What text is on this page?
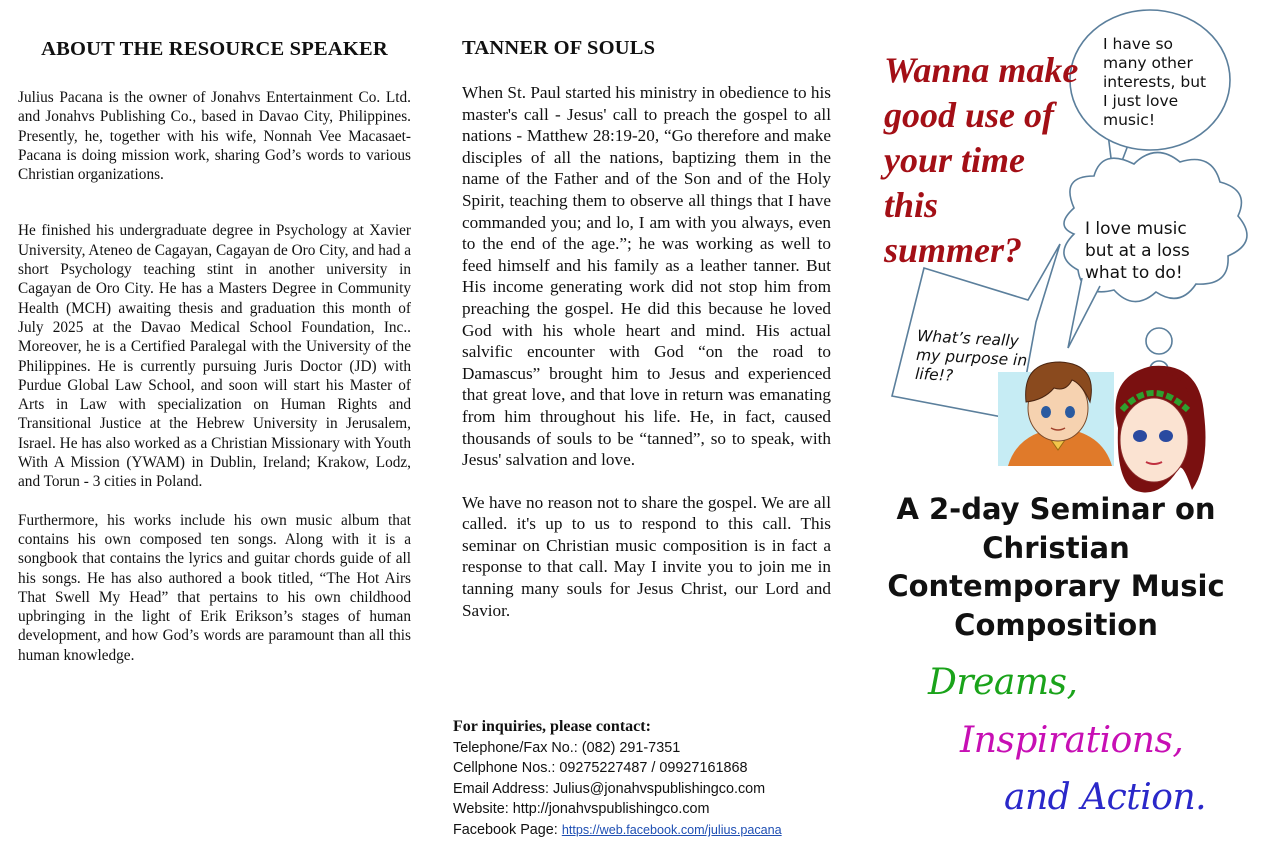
ABOUT THE RESOURCE SPEAKER

Julius Pacana is the owner of Jonahvs Entertainment Co. Ltd. and Jonahvs Publishing Co., based in Davao City, Philippines. Presently, he, together with his wife, Nonnah Vee Macasaet-Pacana is doing mission work, sharing God’s words to various Christian organizations.

He finished his undergraduate degree in Psychology at Xavier University, Ateneo de Cagayan, Cagayan de Oro City, and had a short Psychology teaching stint in another university in Cagayan de Oro City. He has a Masters Degree in Community Health (MCH) awaiting thesis and graduation this month of July 2025 at the Davao Medical School Foundation, Inc.. Moreover, he is a Certified Paralegal with the University of the Philippines. He is currently pursuing Juris Doctor (JD) with Purdue Global Law School, and soon will start his Master of Arts in Law with specialization on Human Rights and Transitional Justice at the Hebrew University in Jerusalem, Israel. He has also worked as a Christian Missionary with Youth With A Mission (YWAM) in Dublin, Ireland; Krakow, Lodz, and Torun - 3 cities in Poland.

Furthermore, his works include his own music album that contains his own composed ten songs. Along with it is a songbook that contains the lyrics and guitar chords guide of all his songs. He has also authored a book titled, “The Hot Airs That Swell My Head” that pertains to his own childhood upbringing in the light of Erik Erikson’s stages of human development, and how God’s words are paramount than all this human knowledge.

TANNER OF SOULS

When St. Paul started his ministry in obedience to his master's call - Jesus' call to preach the gospel to all nations - Matthew 28:19-20, “Go therefore and make disciples of all the nations, baptizing them in the name of the Father and of the Son and of the Holy Spirit, teaching them to observe all things that I have commanded you; and lo, I am with you always, even to the end of the age.”; he was working as well to feed himself and his family as a leather tanner. But His income generating work did not stop him from preaching the gospel. He did this because he loved God with his whole heart and mind. His actual salvific encounter with God “on the road to Damascus” brought him to Jesus and experienced that great love, and that love in return was emanating from him throughout his life. He, in fact, caused thousands of souls to be “tanned”, so to speak, with Jesus' salvation and love.

We have no reason not to share the gospel. We are all called. it's up to us to respond to this call. This seminar on Christian music composition is in fact a response to that call. May I invite you to join me in tanning many souls for Jesus Christ, our Lord and Savior.

For inquiries, please contact:
Telephone/Fax No.: (082) 291-7351
Cellphone Nos.: 09275227487 / 09927161868
Email Address: Julius@jonahvspublishingco.com
Website: http://jonahvspublishingco.com
Facebook Page: https://web.facebook.com/julius.pacana

Wanna make good use of your time this summer?

I have so many other interests, but I just love music!

I love music but at a loss what to do!

What’s really my purpose in life!?

A 2-day Seminar on Christian Contemporary Music Composition

Dreams,

Inspirations,

and Action.
